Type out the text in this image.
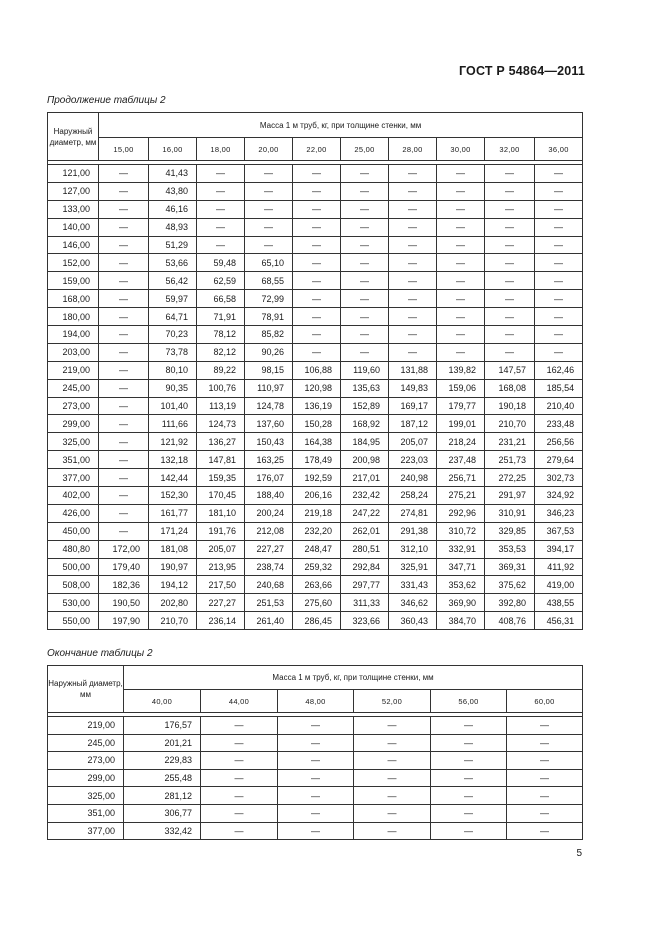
ГОСТ Р 54864—2011
Продолжение таблицы 2
Наружный диаметр, мм	Масса 1 м труб, кг, при толщине стенки, мм									
	15,00	16,00	18,00	20,00	22,00	25,00	28,00	30,00	32,00	36,00

121,00	—	41,43	—	—	—	—	—	—	—	—
127,00	—	43,80	—	—	—	—	—	—	—	—
133,00	—	46,16	—	—	—	—	—	—	—	—
140,00	—	48,93	—	—	—	—	—	—	—	—
146,00	—	51,29	—	—	—	—	—	—	—	—
152,00	—	53,66	59,48	65,10	—	—	—	—	—	—
159,00	—	56,42	62,59	68,55	—	—	—	—	—	—
168,00	—	59,97	66,58	72,99	—	—	—	—	—	—
180,00	—	64,71	71,91	78,91	—	—	—	—	—	—
194,00	—	70,23	78,12	85,82	—	—	—	—	—	—
203,00	—	73,78	82,12	90,26	—	—	—	—	—	—
219,00	—	80,10	89,22	98,15	106,88	119,60	131,88	139,82	147,57	162,46
245,00	—	90,35	100,76	110,97	120,98	135,63	149,83	159,06	168,08	185,54
273,00	—	101,40	113,19	124,78	136,19	152,89	169,17	179,77	190,18	210,40
299,00	—	111,66	124,73	137,60	150,28	168,92	187,12	199,01	210,70	233,48
325,00	—	121,92	136,27	150,43	164,38	184,95	205,07	218,24	231,21	256,56
351,00	—	132,18	147,81	163,25	178,49	200,98	223,03	237,48	251,73	279,64
377,00	—	142,44	159,35	176,07	192,59	217,01	240,98	256,71	272,25	302,73
402,00	—	152,30	170,45	188,40	206,16	232,42	258,24	275,21	291,97	324,92
426,00	—	161,77	181,10	200,24	219,18	247,22	274,81	292,96	310,91	346,23
450,00	—	171,24	191,76	212,08	232,20	262,01	291,38	310,72	329,85	367,53
480,80	172,00	181,08	205,07	227,27	248,47	280,51	312,10	332,91	353,53	394,17
500,00	179,40	190,97	213,95	238,74	259,32	292,84	325,91	347,71	369,31	411,92
508,00	182,36	194,12	217,50	240,68	263,66	297,77	331,43	353,62	375,62	419,00
530,00	190,50	202,80	227,27	251,53	275,60	311,33	346,62	369,90	392,80	438,55
550,00	197,90	210,70	236,14	261,40	286,45	323,66	360,43	384,70	408,76	456,31
Окончание таблицы 2
Наружный диаметр, мм	Масса 1 м труб, кг, при толщине стенки, мм					
	40,00	44,00	48,00	52,00	56,00	60,00

219,00	176,57	—	—	—	—	—
245,00	201,21	—	—	—	—	—
273,00	229,83	—	—	—	—	—
299,00	255,48	—	—	—	—	—
325,00	281,12	—	—	—	—	—
351,00	306,77	—	—	—	—	—
377,00	332,42	—	—	—	—	—
5
